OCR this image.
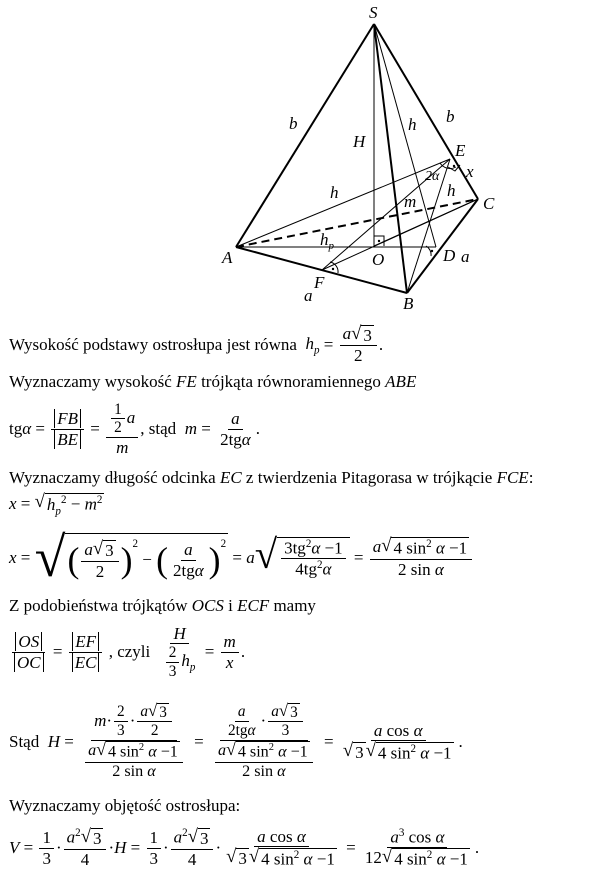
S
A
B
C
O
E
F
D
b	b
H
h
h	h
m
x
2α
$h_p$
a
a
Wysokość podstawy ostrosłupa jest równa
$h_p = \frac{a √ 3}{2}$ .
Wyznaczamy wysokość FE trójkąta równoramiennego ABE
tg $\alpha = \frac{FB}{BE} = \frac{\frac{1}{2} a}{m}$ , stąd
$m = \frac{a}{\text{2tgα}}$ .
Wyznaczamy długość odcinka EC z twierdzenia Pitagorasa w trójkącie FCE:
x = √ $h_p^2 - m^2$
x = √ ( $\frac{a √ 3}{2} )^2$
− ( $\frac{a}{\text{2tgα}} )^2$
= a √ $\frac{3tg^2\alpha -1}{4tg^2\alpha} = \frac{a √ 4 \sin^2 \alpha -1}{\text{2 sin α}}$
Z podobieństwa trójkątów OCS i ECF mamy
$\frac{OS}{OC} = \frac{EF}{EC}$
, czyli
$\frac{H}{\frac{2}{3} h_p} = \frac{m}{x}$ .
Stąd
$H = \frac{m \cdot \frac{2}{3} \cdot \frac{a √ 3}{2}}{\frac{a √ 4 \sin^2 \alpha -1}{\text{2 sin α}}} = \frac{\frac{a}{\text{2tgα}} \cdot \frac{a √ 3}{3}}{\frac{a √ 4 \sin^2 \alpha -1}{\text{2 sin α}}} = \frac{\text{a cos α}}{√ 3 √ 4 \sin^2 \alpha -1}$ .
Wyznaczamy objętość ostrosłupa:
$V = \frac{1}{3} \cdot \frac{a^2 √ 3}{4} \cdot H = \frac{1}{3} \cdot \frac{a^2 √ 3}{4} \cdot \frac{\text{a cos α}}{√ 3 √ 4 \sin^2 \alpha -1} = \frac{a^3 \cos \alpha}{12 √ 4 \sin^2 \alpha -1}$ .
